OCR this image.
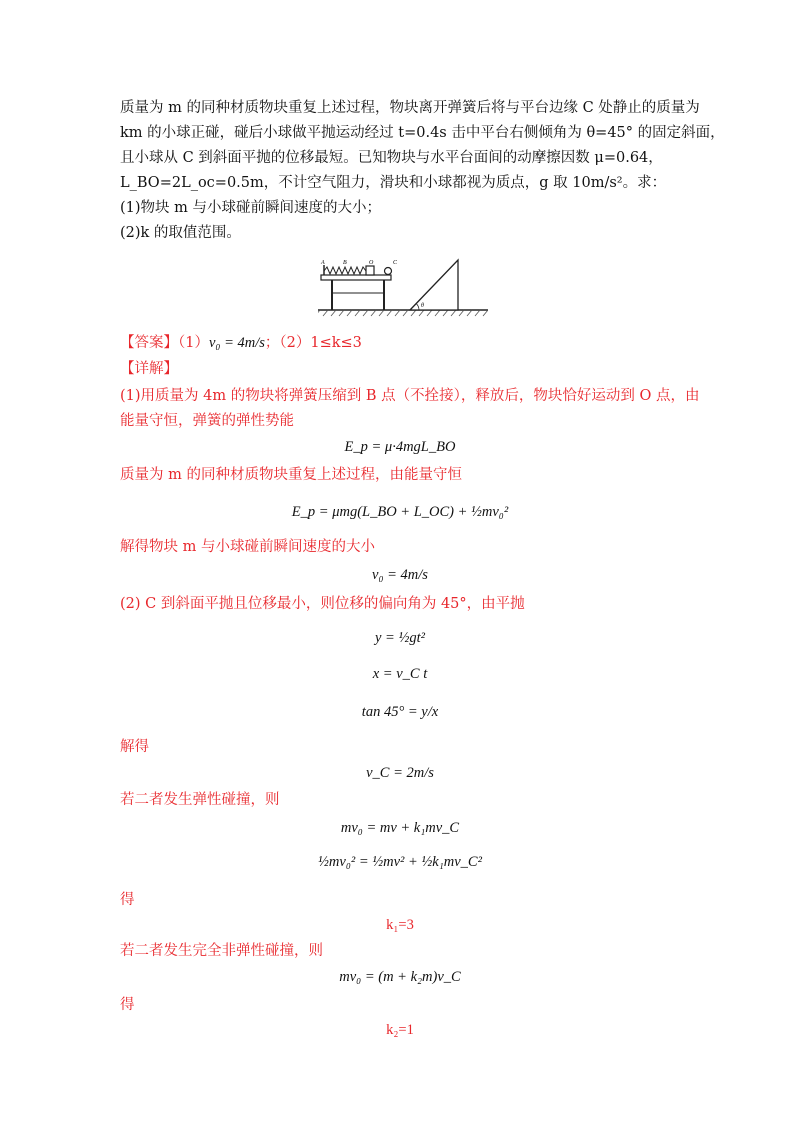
质量为 m 的同种材质物块重复上述过程，物块离开弹簧后将与平台边缘 C 处静止的质量为
km 的小球正碰，碰后小球做平抛运动经过 t=0.4s 击中平台右侧倾角为 θ=45° 的固定斜面，
且小球从 C 到斜面平抛的位移最短。已知物块与水平台面间的动摩擦因数 μ=0.64，
L_BO=2L_oc=0.5m，不计空气阻力，滑块和小球都视为质点，g 取 10m/s²。求：
(1)物块 m 与小球碰前瞬间速度的大小；
(2)k 的取值范围。
A	B	O	C
θ
【答案】（1）v₀ = 4m/s；（2）1≤k≤3
【详解】
(1)用质量为 4m 的物块将弹簧压缩到 B 点（不拴接），释放后，物块恰好运动到 O 点，由
能量守恒，弹簧的弹性势能
E_p = μ·4mgL_BO
质量为 m 的同种材质物块重复上述过程，由能量守恒
E_p = μmg(L_BO + L_OC) + ½mv₀²
解得物块 m 与小球碰前瞬间速度的大小
v₀ = 4m/s
(2) C 到斜面平抛且位移最小，则位移的偏向角为 45°，由平抛
y = ½gt²
x = v_C t
tan 45° = y/x
解得
v_C = 2m/s
若二者发生弹性碰撞，则
mv₀ = mv + k₁mv_C
½mv₀² = ½mv² + ½k₁mv_C²
得
k₁=3
若二者发生完全非弹性碰撞，则
mv₀ = (m + k₂m)v_C
得
k₂=1
